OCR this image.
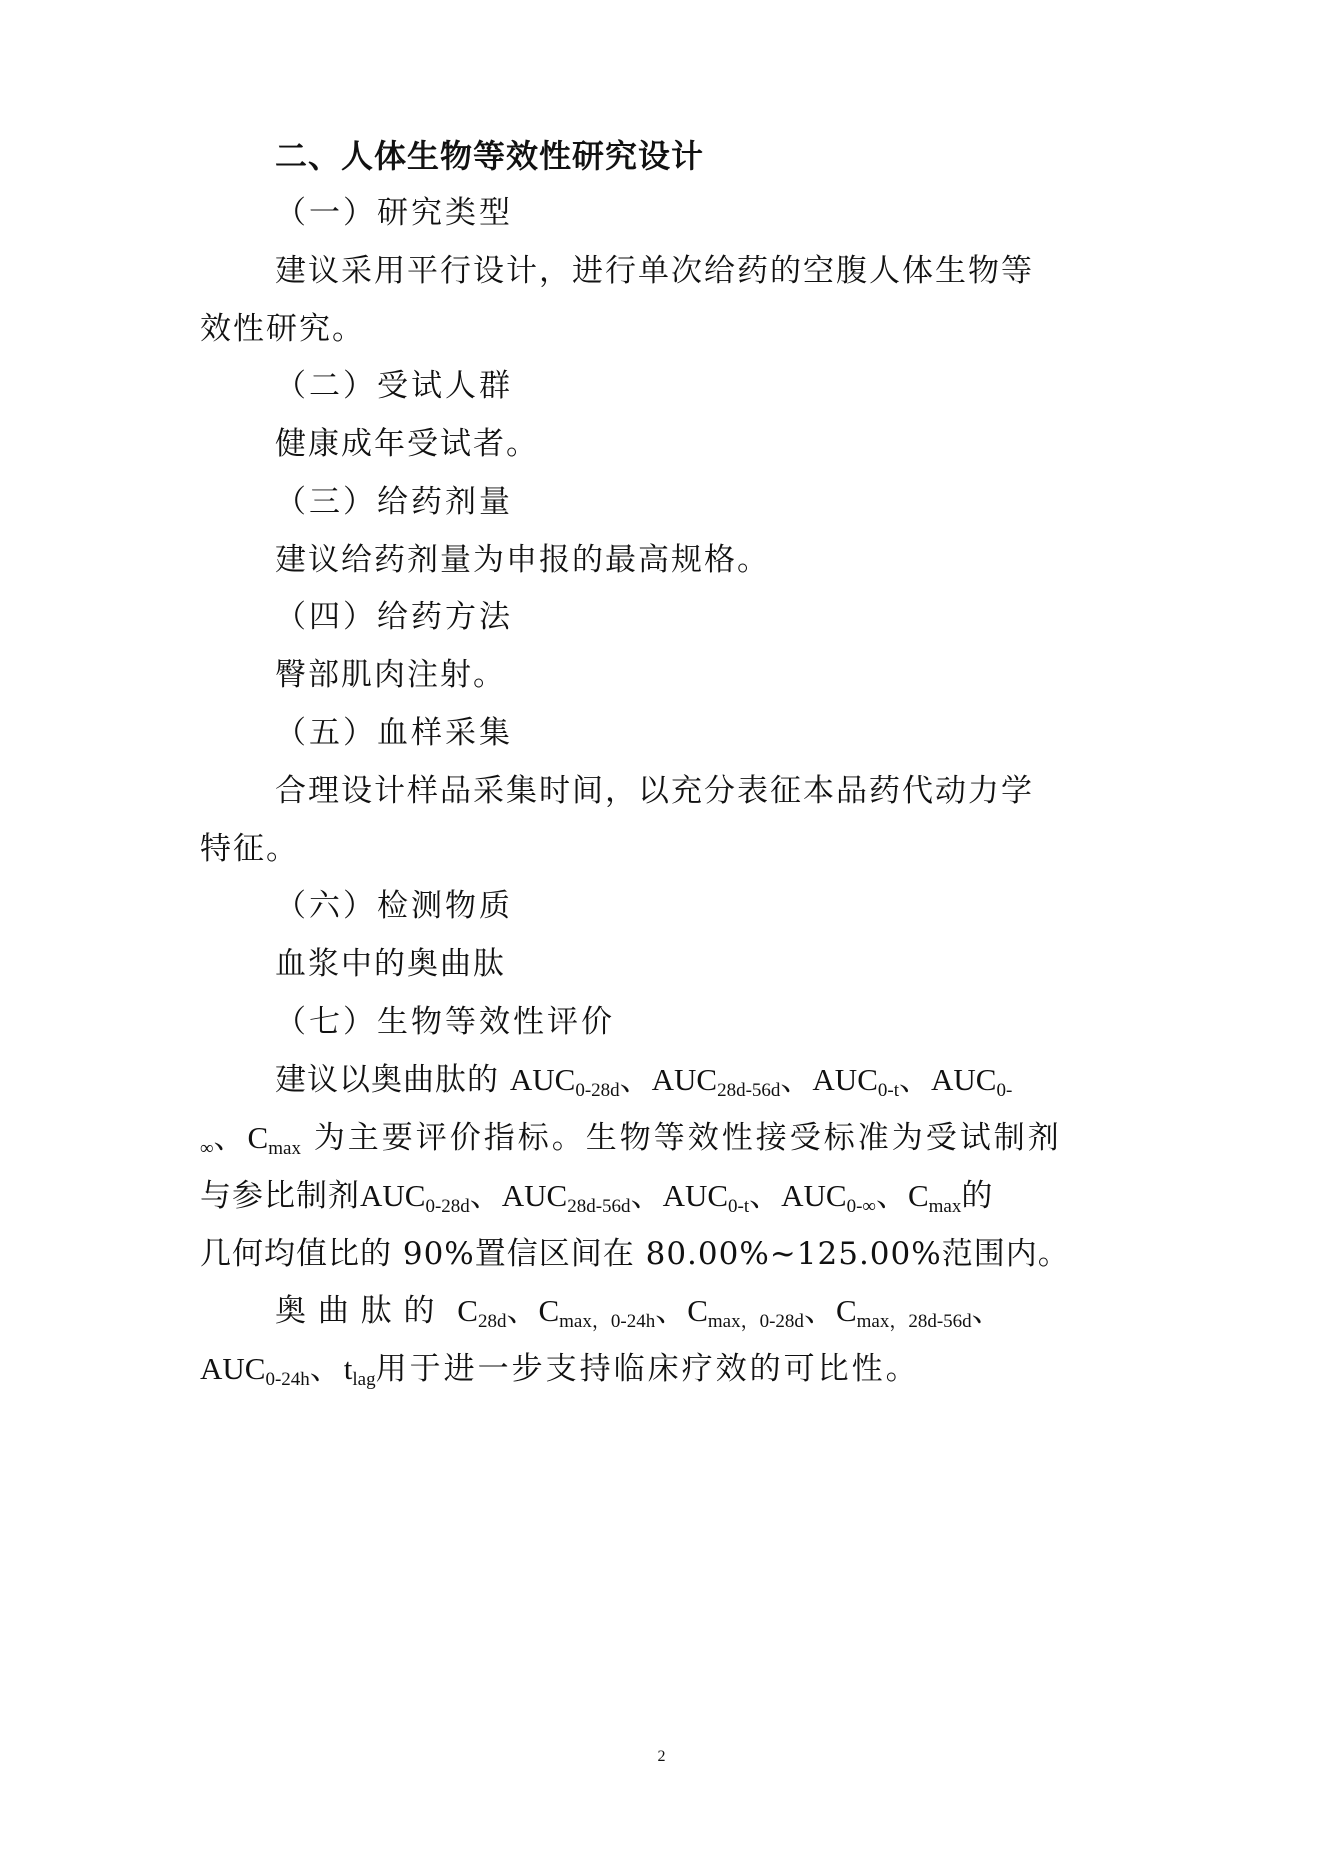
二、人体生物等效性研究设计
（一）研究类型
建议采用平行设计，进行单次给药的空腹人体生物等
效性研究。
（二）受试人群
健康成年受试者。
（三）给药剂量
建议给药剂量为申报的最高规格。
（四）给药方法
臀部肌肉注射。
（五）血样采集
合理设计样品采集时间，以充分表征本品药代动力学
特征。
（六）检测物质
血浆中的奥曲肽
（七）生物等效性评价
建议以奥曲肽的 $AUC_{0-28d}$、$AUC_{28d-56d}$、$AUC_{0-t}$、$AUC_{0-}$
$_\infty$、$C_{max}$ 为主要评价指标。生物等效性接受标准为受试制剂
与参比制剂$AUC_{0-28d}$、$AUC_{28d-56d}$、$AUC_{0-t}$、$AUC_{0-\infty}$、$C_{max}$的
几何均值比的 90%置信区间在 80.00%~125.00%范围内。
奥 曲 肽 的  $C_{28d}$、$C_{max,0-24h}$、$C_{max,0-28d}$、$C_{max,28d-56d}$、
$AUC_{0-24h}$、$t_{lag}$用于进一步支持临床疗效的可比性。
2
